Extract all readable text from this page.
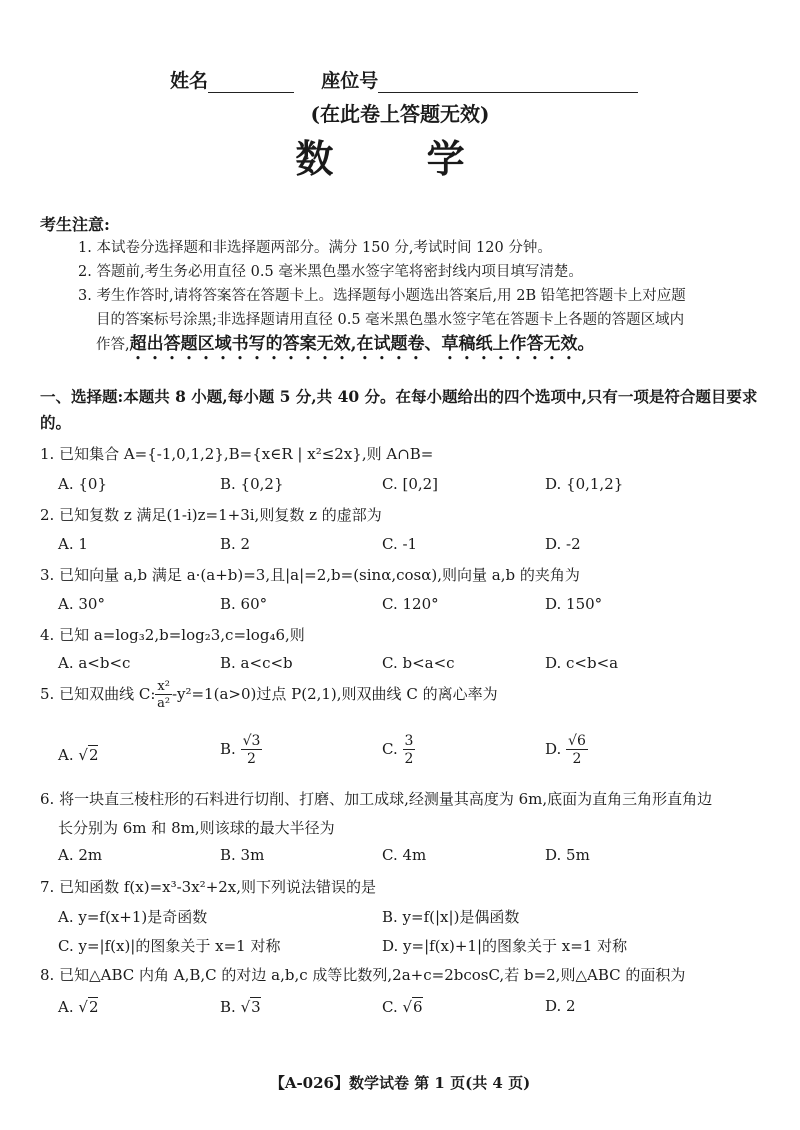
姓名	座位号
(在此卷上答题无效)
数 学
考生注意:
1. 本试卷分选择题和非选择题两部分。满分 150 分,考试时间 120 分钟。
2. 答题前,考生务必用直径 0.5 毫米黑色墨水签字笔将密封线内项目填写清楚。
3. 考生作答时,请将答案答在答题卡上。选择题每小题选出答案后,用 2B 铅笔把答题卡上对应题
目的答案标号涂黑;非选择题请用直径 0.5 毫米黑色墨水签字笔在答题卡上各题的答题区域内
作答,超出答题区域书写的答案无效,在试题卷、草稿纸上作答无效。
一、选择题:本题共 8 小题,每小题 5 分,共 40 分。在每小题给出的四个选项中,只有一项是符合题目要求的。
1. 已知集合 A={-1,0,1,2},B={x∈R | x²≤2x},则 A∩B=
A. {0}	B. {0,2}	C. [0,2]	D. {0,1,2}
2. 已知复数 z 满足(1-i)z=1+3i,则复数 z 的虚部为
A. 1	B. 2	C. -1	D. -2
3. 已知向量 a,b 满足 a·(a+b)=3,且|a|=2,b=(sinα,cosα),则向量 a,b 的夹角为
A. 30°	B. 60°	C. 120°	D. 150°
4. 已知 a=log₃2,b=log₂3,c=log₄6,则
A. a<b<c	B. a<c<b	C. b<a<c	D. c<b<a
5. 已知双曲线 C: $\frac{\text{x²}}{\text{a²}} -y^2=1(a>0)$过点 P(2,1),则双曲线 C 的离心率为
A. √2	B. $\frac{√3}{2}$	C. $\frac{3}{2}$	D. $\frac{√6}{2}$
6. 将一块直三棱柱形的石料进行切削、打磨、加工成球,经测量其高度为 6m,底面为直角三角形直角边
长分别为 6m 和 8m,则该球的最大半径为
A. 2m	B. 3m	C. 4m	D. 5m
7. 已知函数 f(x)=x³-3x²+2x,则下列说法错误的是
A. y=f(x+1)是奇函数	B. y=f(|x|)是偶函数
C. y=|f(x)|的图象关于 x=1 对称	D. y=|f(x)+1|的图象关于 x=1 对称
8. 已知△ABC 内角 A,B,C 的对边 a,b,c 成等比数列,2a+c=2bcosC,若 b=2,则△ABC 的面积为
A. √2	B. √3	C. √6	D. 2
【A-026】数学试卷 第 1 页(共 4 页)
